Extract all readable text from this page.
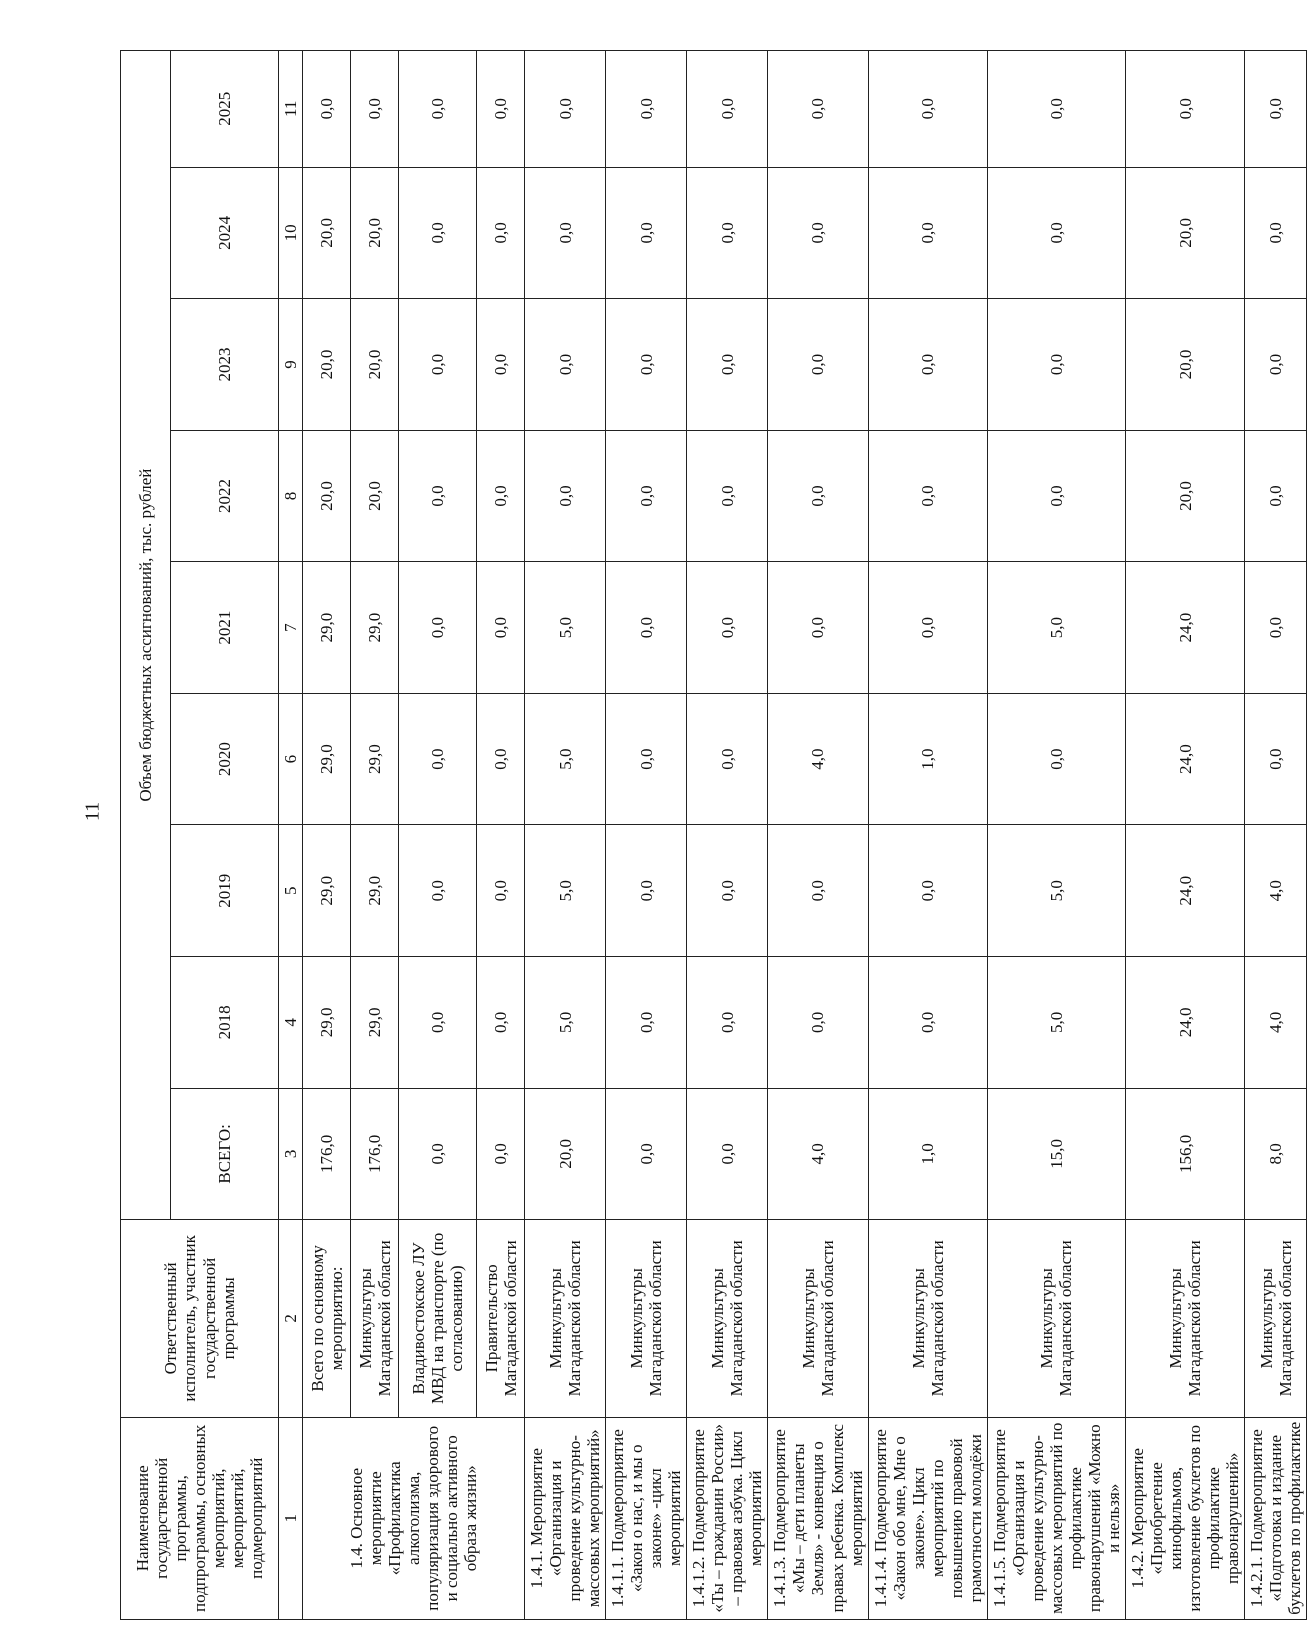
11
Наименование государственной программы, подпрограммы, основных мероприятий, мероприятий, подмероприятий	Ответственный исполнитель, участник государственной программы	Объем бюджетных ассигнований, тыс. рублей								
		ВСЕГО:	2018	2019	2020	2021	2022	2023	2024	2025
1	2	3	4	5	6	7	8	9	10	11
1.4. Основное мероприятие «Профилактика алкоголизма, популяризация здорового и социально активного образа жизни»	Всего по основному мероприятию:	176,0	29,0	29,0	29,0	29,0	20,0	20,0	20,0	0,0
	Минкультуры Магаданской области	176,0	29,0	29,0	29,0	29,0	20,0	20,0	20,0	0,0
	Владивостокское ЛУ МВД на транспорте (по согласованию)	0,0	0,0	0,0	0,0	0,0	0,0	0,0	0,0	0,0
	Правительство Магаданской области	0,0	0,0	0,0	0,0	0,0	0,0	0,0	0,0	0,0
1.4.1. Мероприятие «Организация и проведение культурно-массовых мероприятий»	Минкультуры Магаданской области	20,0	5,0	5,0	5,0	5,0	0,0	0,0	0,0	0,0
1.4.1.1. Подмероприятие «Закон о нас, и мы о законе» -цикл мероприятий	Минкультуры Магаданской области	0,0	0,0	0,0	0,0	0,0	0,0	0,0	0,0	0,0
1.4.1.2. Подмероприятие «Ты – гражданин России» – правовая азбука. Цикл мероприятий	Минкультуры Магаданской области	0,0	0,0	0,0	0,0	0,0	0,0	0,0	0,0	0,0
1.4.1.3. Подмероприятие «Мы – дети планеты Земля» - конвенция о правах ребенка. Комплекс мероприятий	Минкультуры Магаданской области	4,0	0,0	0,0	4,0	0,0	0,0	0,0	0,0	0,0
1.4.1.4. Подмероприятие «Закон обо мне, Мне о законе». Цикл мероприятий по повышению правовой грамотности молодёжи	Минкультуры Магаданской области	1,0	0,0	0,0	1,0	0,0	0,0	0,0	0,0	0,0
1.4.1.5. Подмероприятие «Организация и проведение культурно-массовых мероприятий по профилактике правонарушений «Можно и нельзя»	Минкультуры Магаданской области	15,0	5,0	5,0	0,0	5,0	0,0	0,0	0,0	0,0
1.4.2. Мероприятие «Приобретение кинофильмов, изготовление буклетов по профилактике правонарушений»	Минкультуры Магаданской области	156,0	24,0	24,0	24,0	24,0	20,0	20,0	20,0	0,0
1.4.2.1. Подмероприятие «Подготовка и издание буклетов по профилактике	Минкультуры Магаданской области	8,0	4,0	4,0	0,0	0,0	0,0	0,0	0,0	0,0
